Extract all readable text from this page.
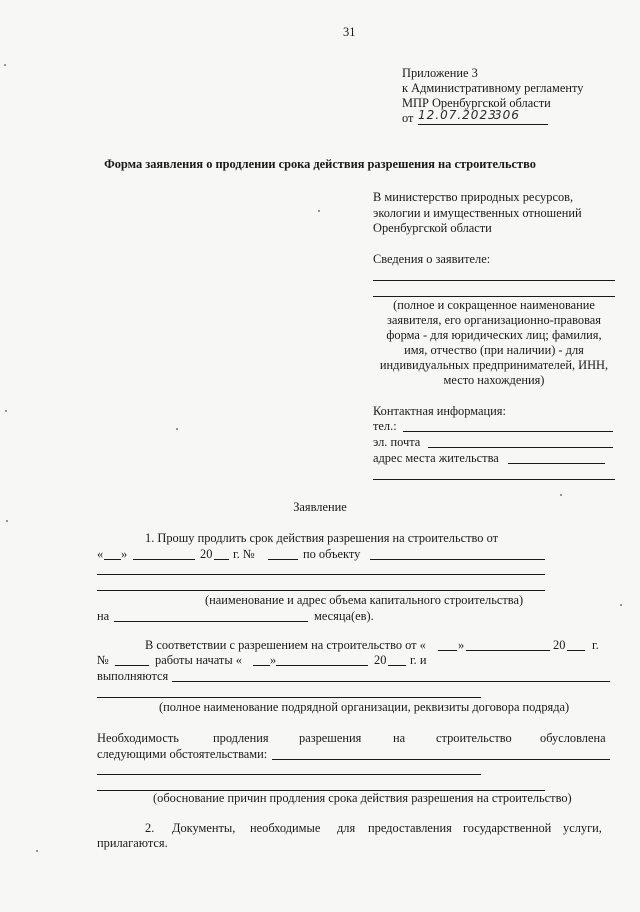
31
Приложение 3
к Административному регламенту
МПР Оренбургской области
от 12.07.2023
306
Форма заявления о продлении срока действия разрешения на строительство
В министерство природных ресурсов,
экологии и имущественных отношений
Оренбургской области
Сведения о заявителе:
(полное и сокращенное наименование
заявителя, его организационно-правовая
форма - для юридических лиц; фамилия,
имя, отчество (при наличии) - для
индивидуальных предпринимателей, ИНН,
место нахождения)
Контактная информация:
тел.:
эл. почта
адрес места жительства
Заявление
1. Прошу продлить срок действия разрешения на строительство от
« »	20 г. №	по объекту
(наименование и адрес объема капитального строительства)
на	месяца(ев).
В соответствии с разрешением на строительство от «	»	20 г.
№	работы начаты « »	20 г. и
выполняются
(полное наименование подрядной организации, реквизиты договора подряда)
Необходимость	продления разрешения	на строительство обусловлена
следующими обстоятельствами:
(обоснование причин продления срока действия разрешения на строительство)
2. Документы, необходимые для предоставления государственной услуги,
прилагаются.
